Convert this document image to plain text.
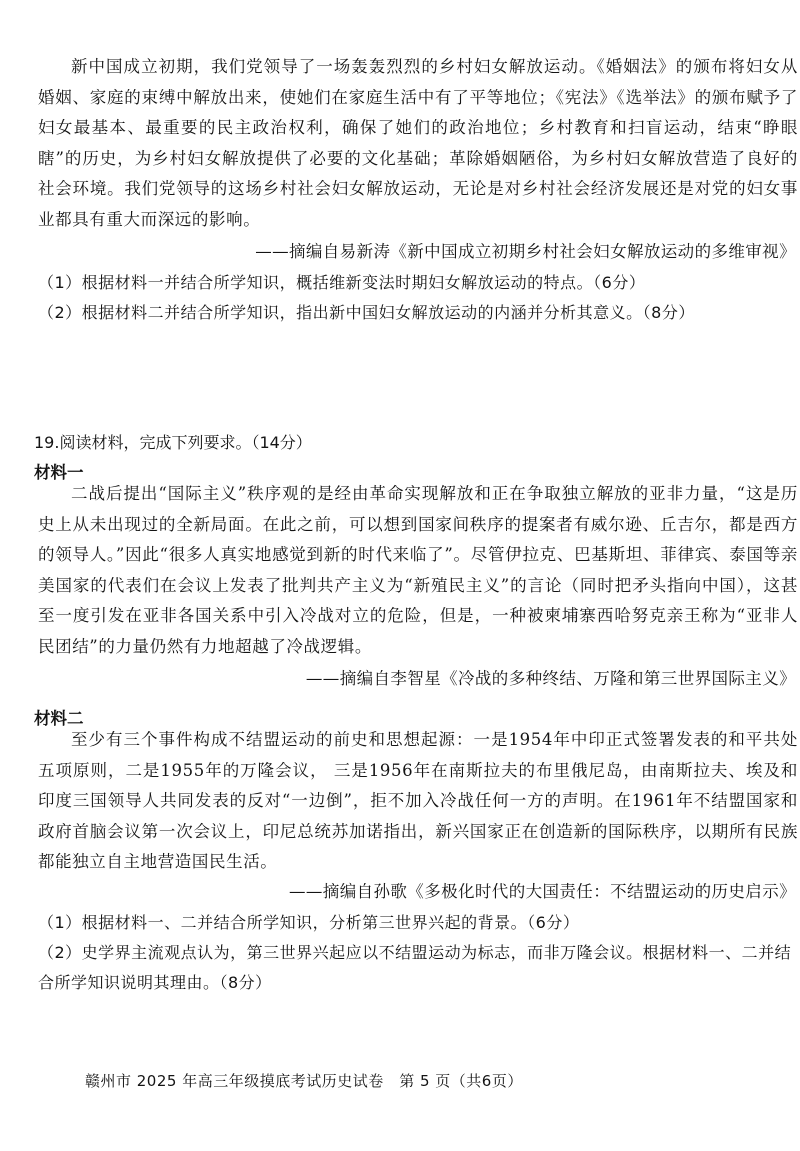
新中国成立初期，我们党领导了一场轰轰烈烈的乡村妇女解放运动。《婚姻法》的颁布将妇女从婚姻、家庭的束缚中解放出来，使她们在家庭生活中有了平等地位；《宪法》《选举法》的颁布赋予了妇女最基本、最重要的民主政治权利，确保了她们的政治地位；乡村教育和扫盲运动，结束“睁眼瞎”的历史，为乡村妇女解放提供了必要的文化基础；革除婚姻陋俗，为乡村妇女解放营造了良好的社会环境。我们党领导的这场乡村社会妇女解放运动，无论是对乡村社会经济发展还是对党的妇女事业都具有重大而深远的影响。

——摘编自易新涛《新中国成立初期乡村社会妇女解放运动的多维审视》

（1）根据材料一并结合所学知识，概括维新变法时期妇女解放运动的特点。（6分）

（2）根据材料二并结合所学知识，指出新中国妇女解放运动的内涵并分析其意义。（8分）

19.阅读材料，完成下列要求。（14分）

材料一

二战后提出“国际主义”秩序观的是经由革命实现解放和正在争取独立解放的亚非力量，“这是历史上从未出现过的全新局面。在此之前，可以想到国家间秩序的提案者有威尔逊、丘吉尔，都是西方的领导人。”因此“很多人真实地感觉到新的时代来临了”。尽管伊拉克、巴基斯坦、菲律宾、泰国等亲美国家的代表们在会议上发表了批判共产主义为“新殖民主义”的言论（同时把矛头指向中国），这甚至一度引发在亚非各国关系中引入冷战对立的危险，但是，一种被柬埔寨西哈努克亲王称为“亚非人民团结”的力量仍然有力地超越了冷战逻辑。

——摘编自李智星《冷战的多种终结、万隆和第三世界国际主义》

材料二

至少有三个事件构成不结盟运动的前史和思想起源：一是1954年中印正式签署发表的和平共处五项原则，二是1955年的万隆会议， 三是1956年在南斯拉夫的布里俄尼岛，由南斯拉夫、埃及和印度三国领导人共同发表的反对“一边倒”，拒不加入冷战任何一方的声明。在1961年不结盟国家和政府首脑会议第一次会议上，印尼总统苏加诺指出，新兴国家正在创造新的国际秩序，以期所有民族都能独立自主地营造国民生活。

——摘编自孙歌《多极化时代的大国责任：不结盟运动的历史启示》

（1）根据材料一、二并结合所学知识，分析第三世界兴起的背景。（6分）

（2）史学界主流观点认为，第三世界兴起应以不结盟运动为标志，而非万隆会议。根据材料一、二并结合所学知识说明其理由。（8分）

赣州市 2025 年高三年级摸底考试历史试卷　第 5 页（共6页）
